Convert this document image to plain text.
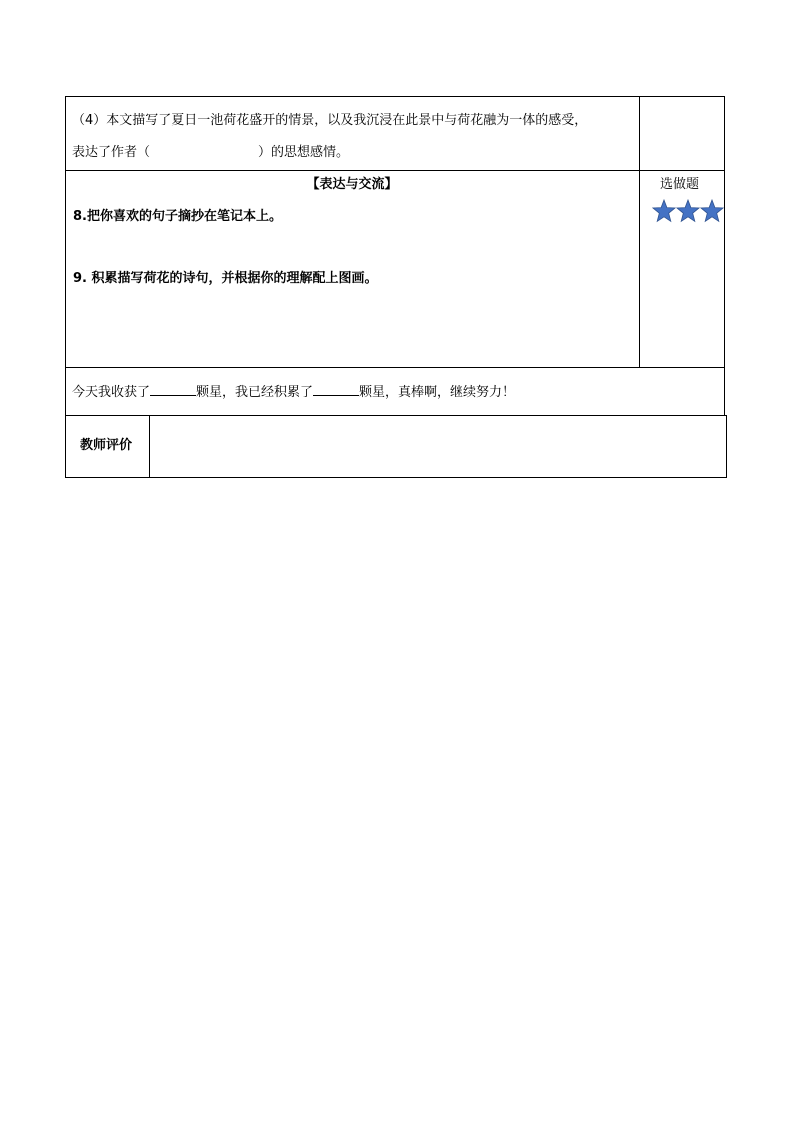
（4）本文描写了夏日一池荷花盛开的情景，以及我沉浸在此景中与荷花融为一体的感受，
表达了作者（	）的思想感情。
【表达与交流】
8.把你喜欢的句子摘抄在笔记本上。
9. 积累描写荷花的诗句，并根据你的理解配上图画。
选做题
今天我收获了	颗星，我已经积累了	颗星，真棒啊，继续努力！
教师评价
